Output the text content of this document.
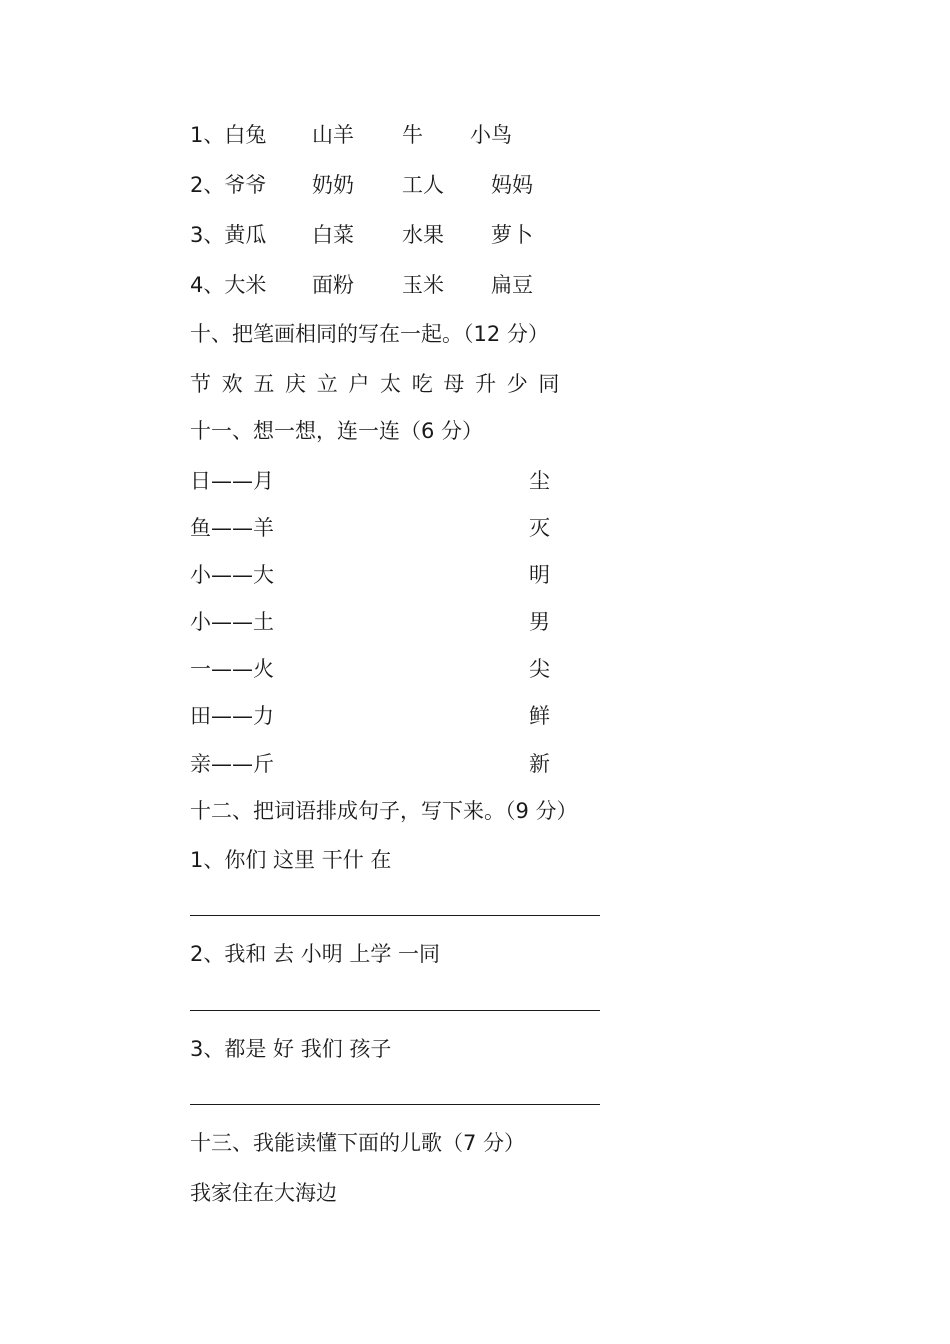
1、白兔 山羊 牛 小鸟
2、爷爷 奶奶 工人 妈妈
3、黄瓜 白菜 水果 萝卜
4、大米 面粉 玉米 扁豆
十、把笔画相同的写在一起。（12 分）
节 欢 五 庆 立 户 太 吃 母 升 少 同
十一、想一想，连一连（6 分）
日——月	尘
鱼——羊	灭
小——大	明
小——土	男
一——火	尖
田——力	鲜
亲——斤	新
十二、把词语排成句子，写下来。（9 分）
1、你们 这里 干什 在
2、我和 去 小明 上学 一同
3、都是 好 我们 孩子
十三、我能读懂下面的儿歌（7 分）
我家住在大海边
